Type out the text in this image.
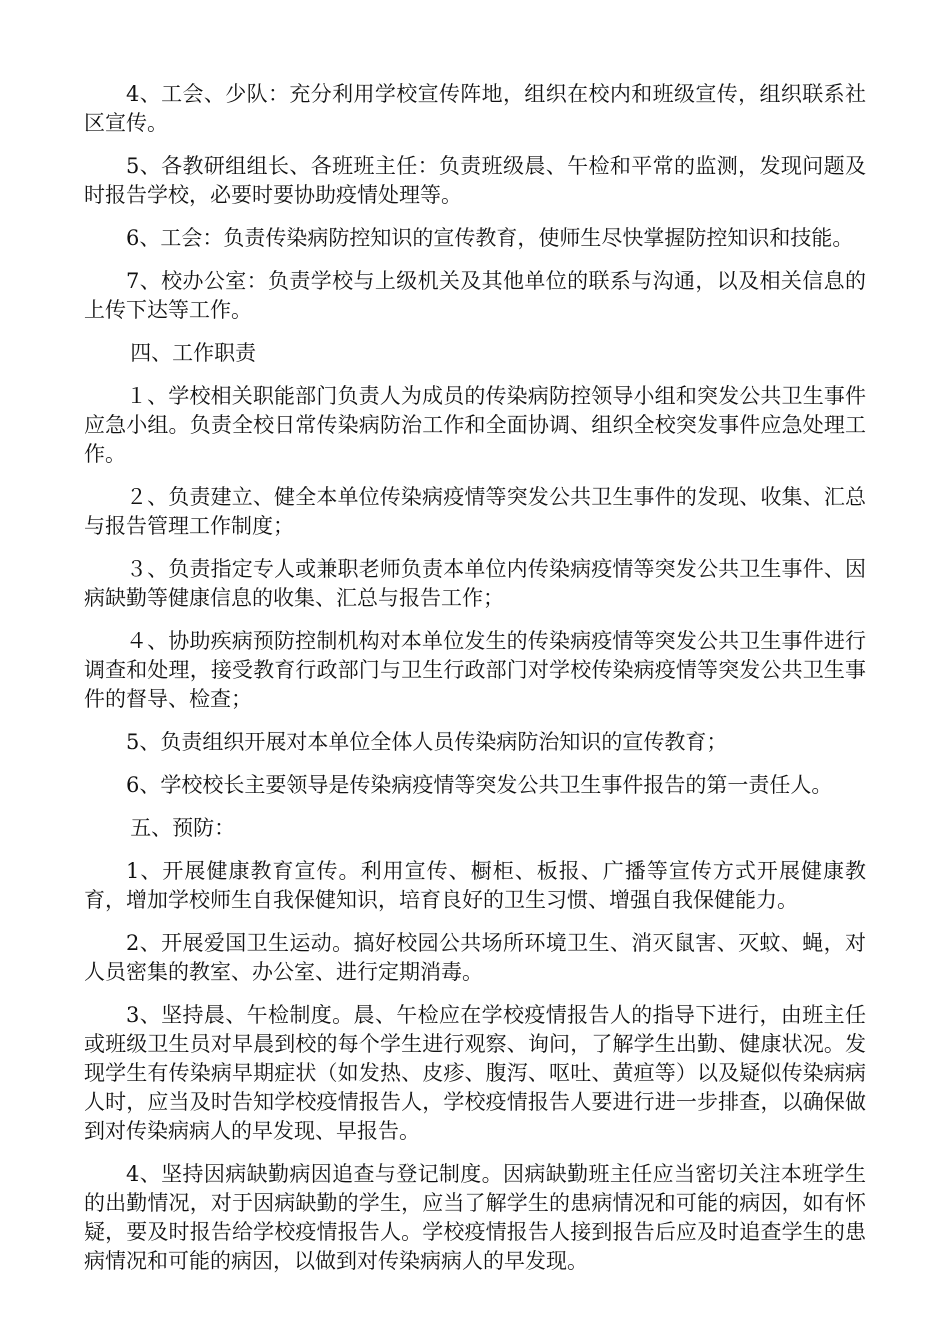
4、工会、少队：充分利用学校宣传阵地，组织在校内和班级宣传，组织联系社区宣传。

5、各教研组组长、各班班主任：负责班级晨、午检和平常的监测，发现问题及时报告学校，必要时要协助疫情处理等。

6、工会：负责传染病防控知识的宣传教育，使师生尽快掌握防控知识和技能。

7、校办公室：负责学校与上级机关及其他单位的联系与沟通，以及相关信息的上传下达等工作。

四、工作职责

１、学校相关职能部门负责人为成员的传染病防控领导小组和突发公共卫生事件应急小组。负责全校日常传染病防治工作和全面协调、组织全校突发事件应急处理工作。

２、负责建立、健全本单位传染病疫情等突发公共卫生事件的发现、收集、汇总与报告管理工作制度；

３、负责指定专人或兼职老师负责本单位内传染病疫情等突发公共卫生事件、因病缺勤等健康信息的收集、汇总与报告工作；

４、协助疾病预防控制机构对本单位发生的传染病疫情等突发公共卫生事件进行调查和处理，接受教育行政部门与卫生行政部门对学校传染病疫情等突发公共卫生事件的督导、检查；

5、负责组织开展对本单位全体人员传染病防治知识的宣传教育；

6、学校校长主要领导是传染病疫情等突发公共卫生事件报告的第一责任人。

五、预防：

1、开展健康教育宣传。利用宣传、橱柜、板报、广播等宣传方式开展健康教育，增加学校师生自我保健知识，培育良好的卫生习惯、增强自我保健能力。

2、开展爱国卫生运动。搞好校园公共场所环境卫生、消灭鼠害、灭蚊、蝇，对人员密集的教室、办公室、进行定期消毒。

3、坚持晨、午检制度。晨、午检应在学校疫情报告人的指导下进行，由班主任或班级卫生员对早晨到校的每个学生进行观察、询问，了解学生出勤、健康状况。发现学生有传染病早期症状（如发热、皮疹、腹泻、呕吐、黄疸等）以及疑似传染病病人时，应当及时告知学校疫情报告人，学校疫情报告人要进行进一步排查，以确保做到对传染病病人的早发现、早报告。

4、坚持因病缺勤病因追查与登记制度。因病缺勤班主任应当密切关注本班学生的出勤情况，对于因病缺勤的学生，应当了解学生的患病情况和可能的病因，如有怀疑，要及时报告给学校疫情报告人。学校疫情报告人接到报告后应及时追查学生的患病情况和可能的病因，以做到对传染病病人的早发现。
